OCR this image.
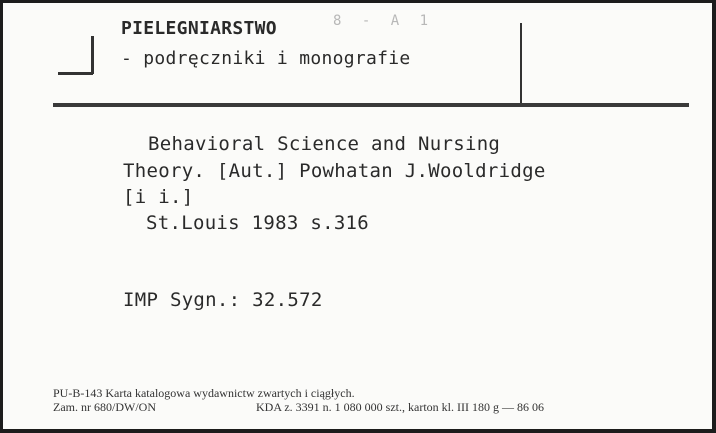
8 - A 1
PIELEGNIARSTWO
- podręczniki i monografie
Behavioral Science and Nursing
Theory. [Aut.] Powhatan J.Wooldridge
[i i.]
St.Louis 1983 s.316
IMP Sygn.: 32.572
PU-B-143 Karta katalogowa wydawnictw zwartych i ciągłych.
Zam. nr 680/DW/ON	KDA z. 3391 n. 1 080 000 szt., karton kl. III 180 g — 86 06
